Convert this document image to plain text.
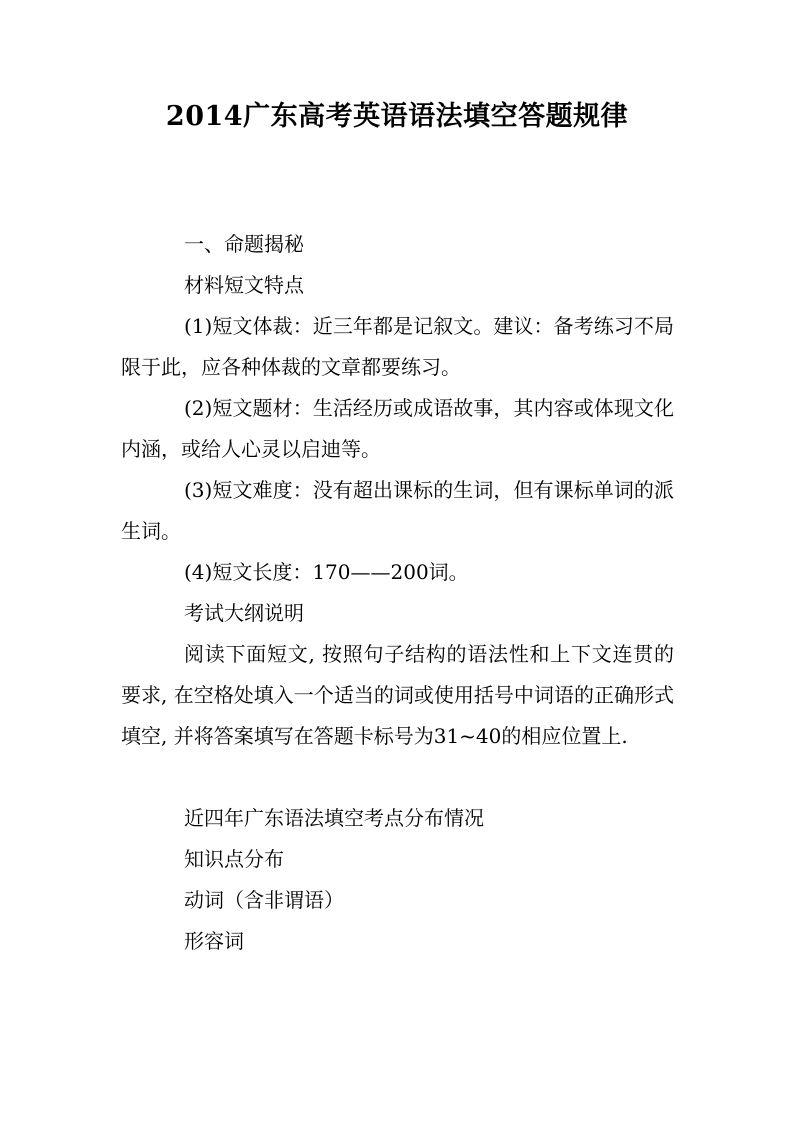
2014广东高考英语语法填空答题规律

一、命题揭秘

材料短文特点

(1)短文体裁：近三年都是记叙文。建议：备考练习不局限于此，应各种体裁的文章都要练习。

(2)短文题材：生活经历或成语故事，其内容或体现文化内涵，或给人心灵以启迪等。

(3)短文难度：没有超出课标的生词，但有课标单词的派生词。

(4)短文长度：170——200词。

考试大纲说明

阅读下面短文, 按照句子结构的语法性和上下文连贯的要求, 在空格处填入一个适当的词或使用括号中词语的正确形式填空, 并将答案填写在答题卡标号为31~40的相应位置上.

近四年广东语法填空考点分布情况

知识点分布

动词（含非谓语）

形容词
